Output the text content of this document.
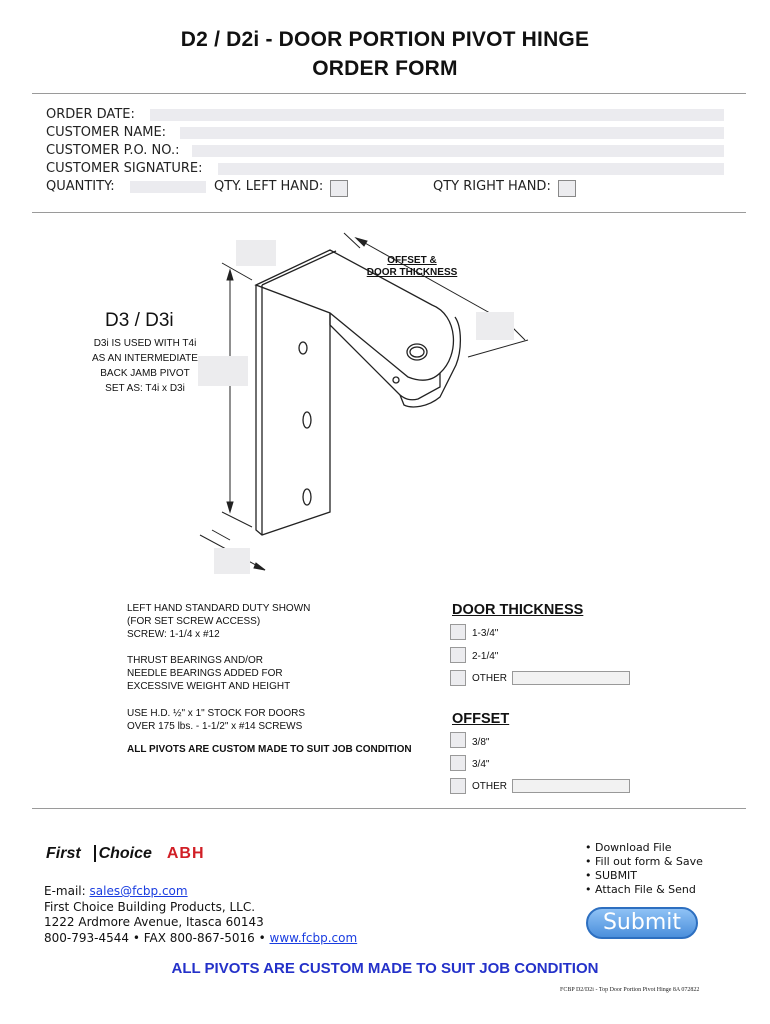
D2 / D2i - DOOR PORTION PIVOT HINGE
ORDER FORM
ORDER DATE:
CUSTOMER NAME:
CUSTOMER P.O. NO.:
CUSTOMER SIGNATURE:
QUANTITY:	QTY. LEFT HAND:	QTY RIGHT HAND:
OFFSET &
DOOR THICKNESS
D3 / D3i
D3i IS USED WITH T4i
AS AN INTERMEDIATE
BACK JAMB PIVOT
SET AS: T4i x D3i
LEFT HAND STANDARD DUTY SHOWN
(FOR SET SCREW ACCESS)
SCREW: 1-1/4 x #12
THRUST BEARINGS AND/OR
NEEDLE BEARINGS ADDED FOR
EXCESSIVE WEIGHT AND HEIGHT
USE H.D. ½" x 1" STOCK FOR DOORS
OVER 175 lbs. - 1-1/2" x #14 SCREWS
ALL PIVOTS ARE CUSTOM MADE TO SUIT JOB CONDITION
DOOR THICKNESS
1-3/4"
2-1/4"
OTHER
OFFSET
3/8"
3/4"
OTHER
First Choice ABH
E-mail: sales@fcbp.com
First Choice Building Products, LLC.
1222 Ardmore Avenue, Itasca 60143
800-793-4544 • FAX 800-867-5016 • www.fcbp.com
• Download File
• Fill out form & Save
• SUBMIT
• Attach File & Send
Submit
ALL PIVOTS ARE CUSTOM MADE TO SUIT JOB CONDITION
FCBP D2/D2i - Top Door Portion Pivot Hinge 8A 072822
